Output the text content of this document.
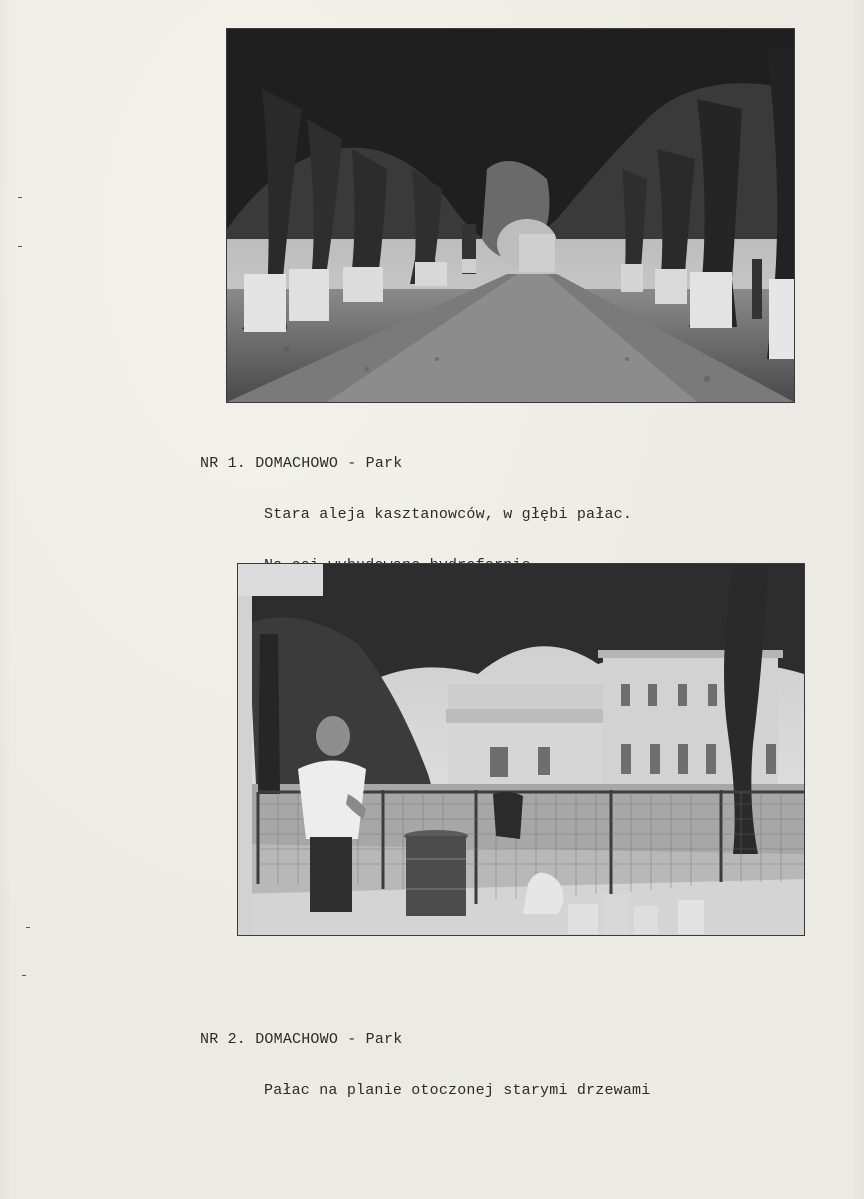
NR 1. DOMACHOWO - Park

Stara aleja kasztanowców, w głębi pałac.

NR 2. DOMACHOWO - Park

Pałac na planie otoczonej starymi drzewami
